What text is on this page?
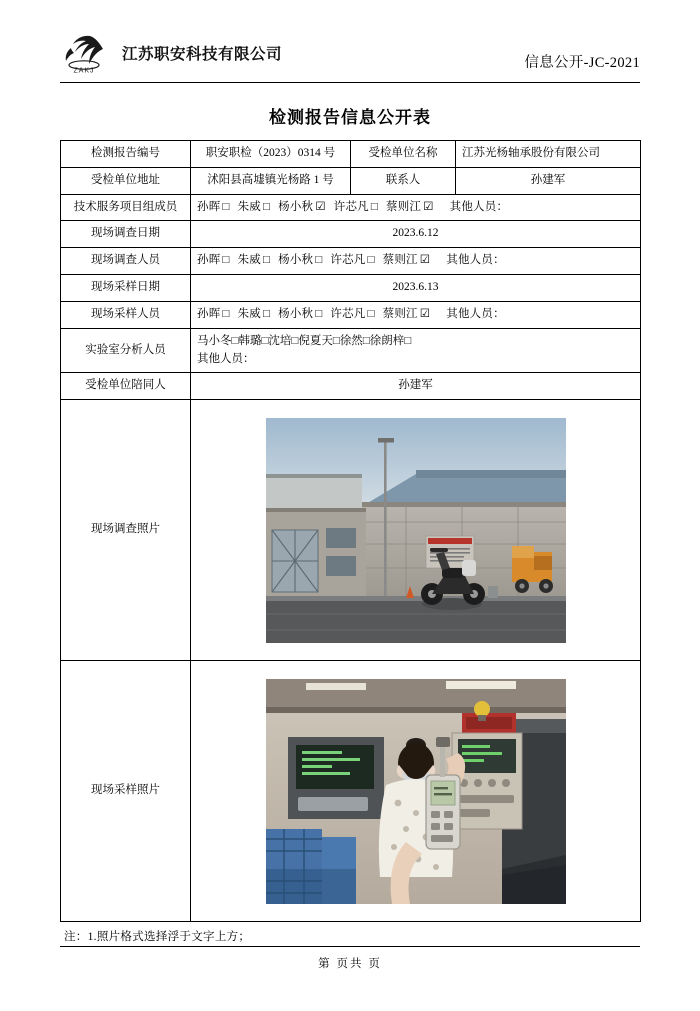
ZAKJ
江苏职安科技有限公司	信息公开-JC-2021
检测报告信息公开表
检测报告编号	职安职检（2023）0314 号	受检单位名称	江苏光杨轴承股份有限公司
受检单位地址	沭阳县高墟镇光杨路 1 号	联系人	孙建军
技术服务项目组成员	孙晖 □ 朱威 □ 杨小秋 ☑ 许芯凡 □ 蔡则江 ☑ 其他人员：		
现场调查日期	2023.6.12		
现场调查人员	孙晖 □ 朱威 □ 杨小秋 □ 许芯凡 □ 蔡则江 ☑ 其他人员：		
现场采样日期	2023.6.13		
现场采样人员	孙晖 □ 朱威 □ 杨小秋 □ 许芯凡 □ 蔡则江 ☑ 其他人员：		
实验室分析人员	马小冬□韩璐□沈培□倪夏天□徐然□徐朗梓□
其他人员：		

受检单位陪同人	孙建军		
现场调查照片	

现场采样照片	
注：1.照片格式选择浮于文字上方；
第 页共 页
